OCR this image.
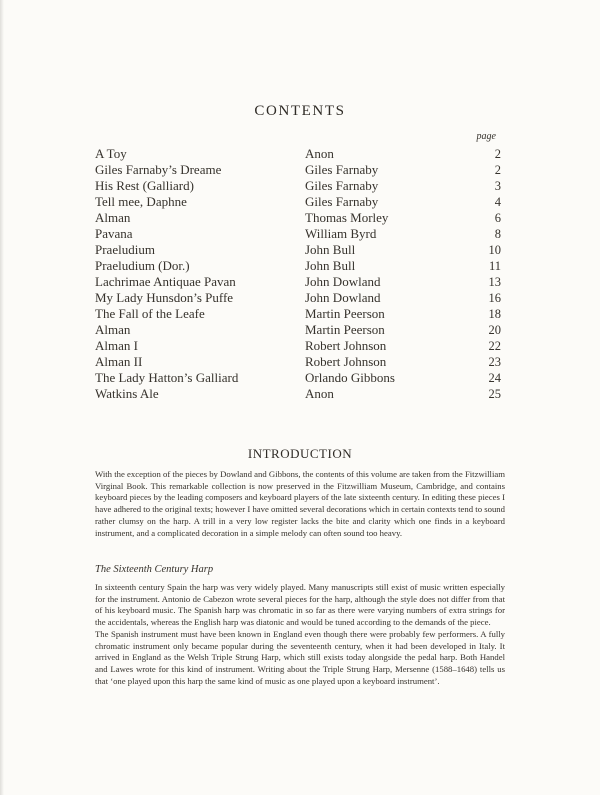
CONTENTS
page
A Toy	Anon	2
Giles Farnaby’s Dreame	Giles Farnaby	2
His Rest (Galliard)	Giles Farnaby	3
Tell mee, Daphne	Giles Farnaby	4
Alman	Thomas Morley	6
Pavana	William Byrd	8
Praeludium	John Bull	10
Praeludium (Dor.)	John Bull	11
Lachrimae Antiquae Pavan	John Dowland	13
My Lady Hunsdon’s Puffe	John Dowland	16
The Fall of the Leafe	Martin Peerson	18
Alman	Martin Peerson	20
Alman I	Robert Johnson	22
Alman II	Robert Johnson	23
The Lady Hatton’s Galliard	Orlando Gibbons	24
Watkins Ale	Anon	25
INTRODUCTION

With the exception of the pieces by Dowland and Gibbons, the contents of this volume are taken from the Fitzwilliam Virginal Book. This remarkable collection is now preserved in the Fitzwilliam Museum, Cambridge, and contains keyboard pieces by the leading composers and keyboard players of the late sixteenth century. In editing these pieces I have adhered to the original texts; however I have omitted several decorations which in certain contexts tend to sound rather clumsy on the harp. A trill in a very low register lacks the bite and clarity which one finds in a keyboard instrument, and a complicated decoration in a simple melody can often sound too heavy.

The Sixteenth Century Harp

In sixteenth century Spain the harp was very widely played. Many manuscripts still exist of music written especially for the instrument. Antonio de Cabezon wrote several pieces for the harp, although the style does not differ from that of his keyboard music. The Spanish harp was chromatic in so far as there were varying numbers of extra strings for the accidentals, whereas the English harp was diatonic and would be tuned according to the demands of the piece.

The Spanish instrument must have been known in England even though there were probably few performers. A fully chromatic instrument only became popular during the seventeenth century, when it had been developed in Italy. It arrived in England as the Welsh Triple Strung Harp, which still exists today alongside the pedal harp. Both Handel and Lawes wrote for this kind of instrument. Writing about the Triple Strung Harp, Mersenne (1588–1648) tells us that ‘one played upon this harp the same kind of music as one played upon a keyboard instrument’.
